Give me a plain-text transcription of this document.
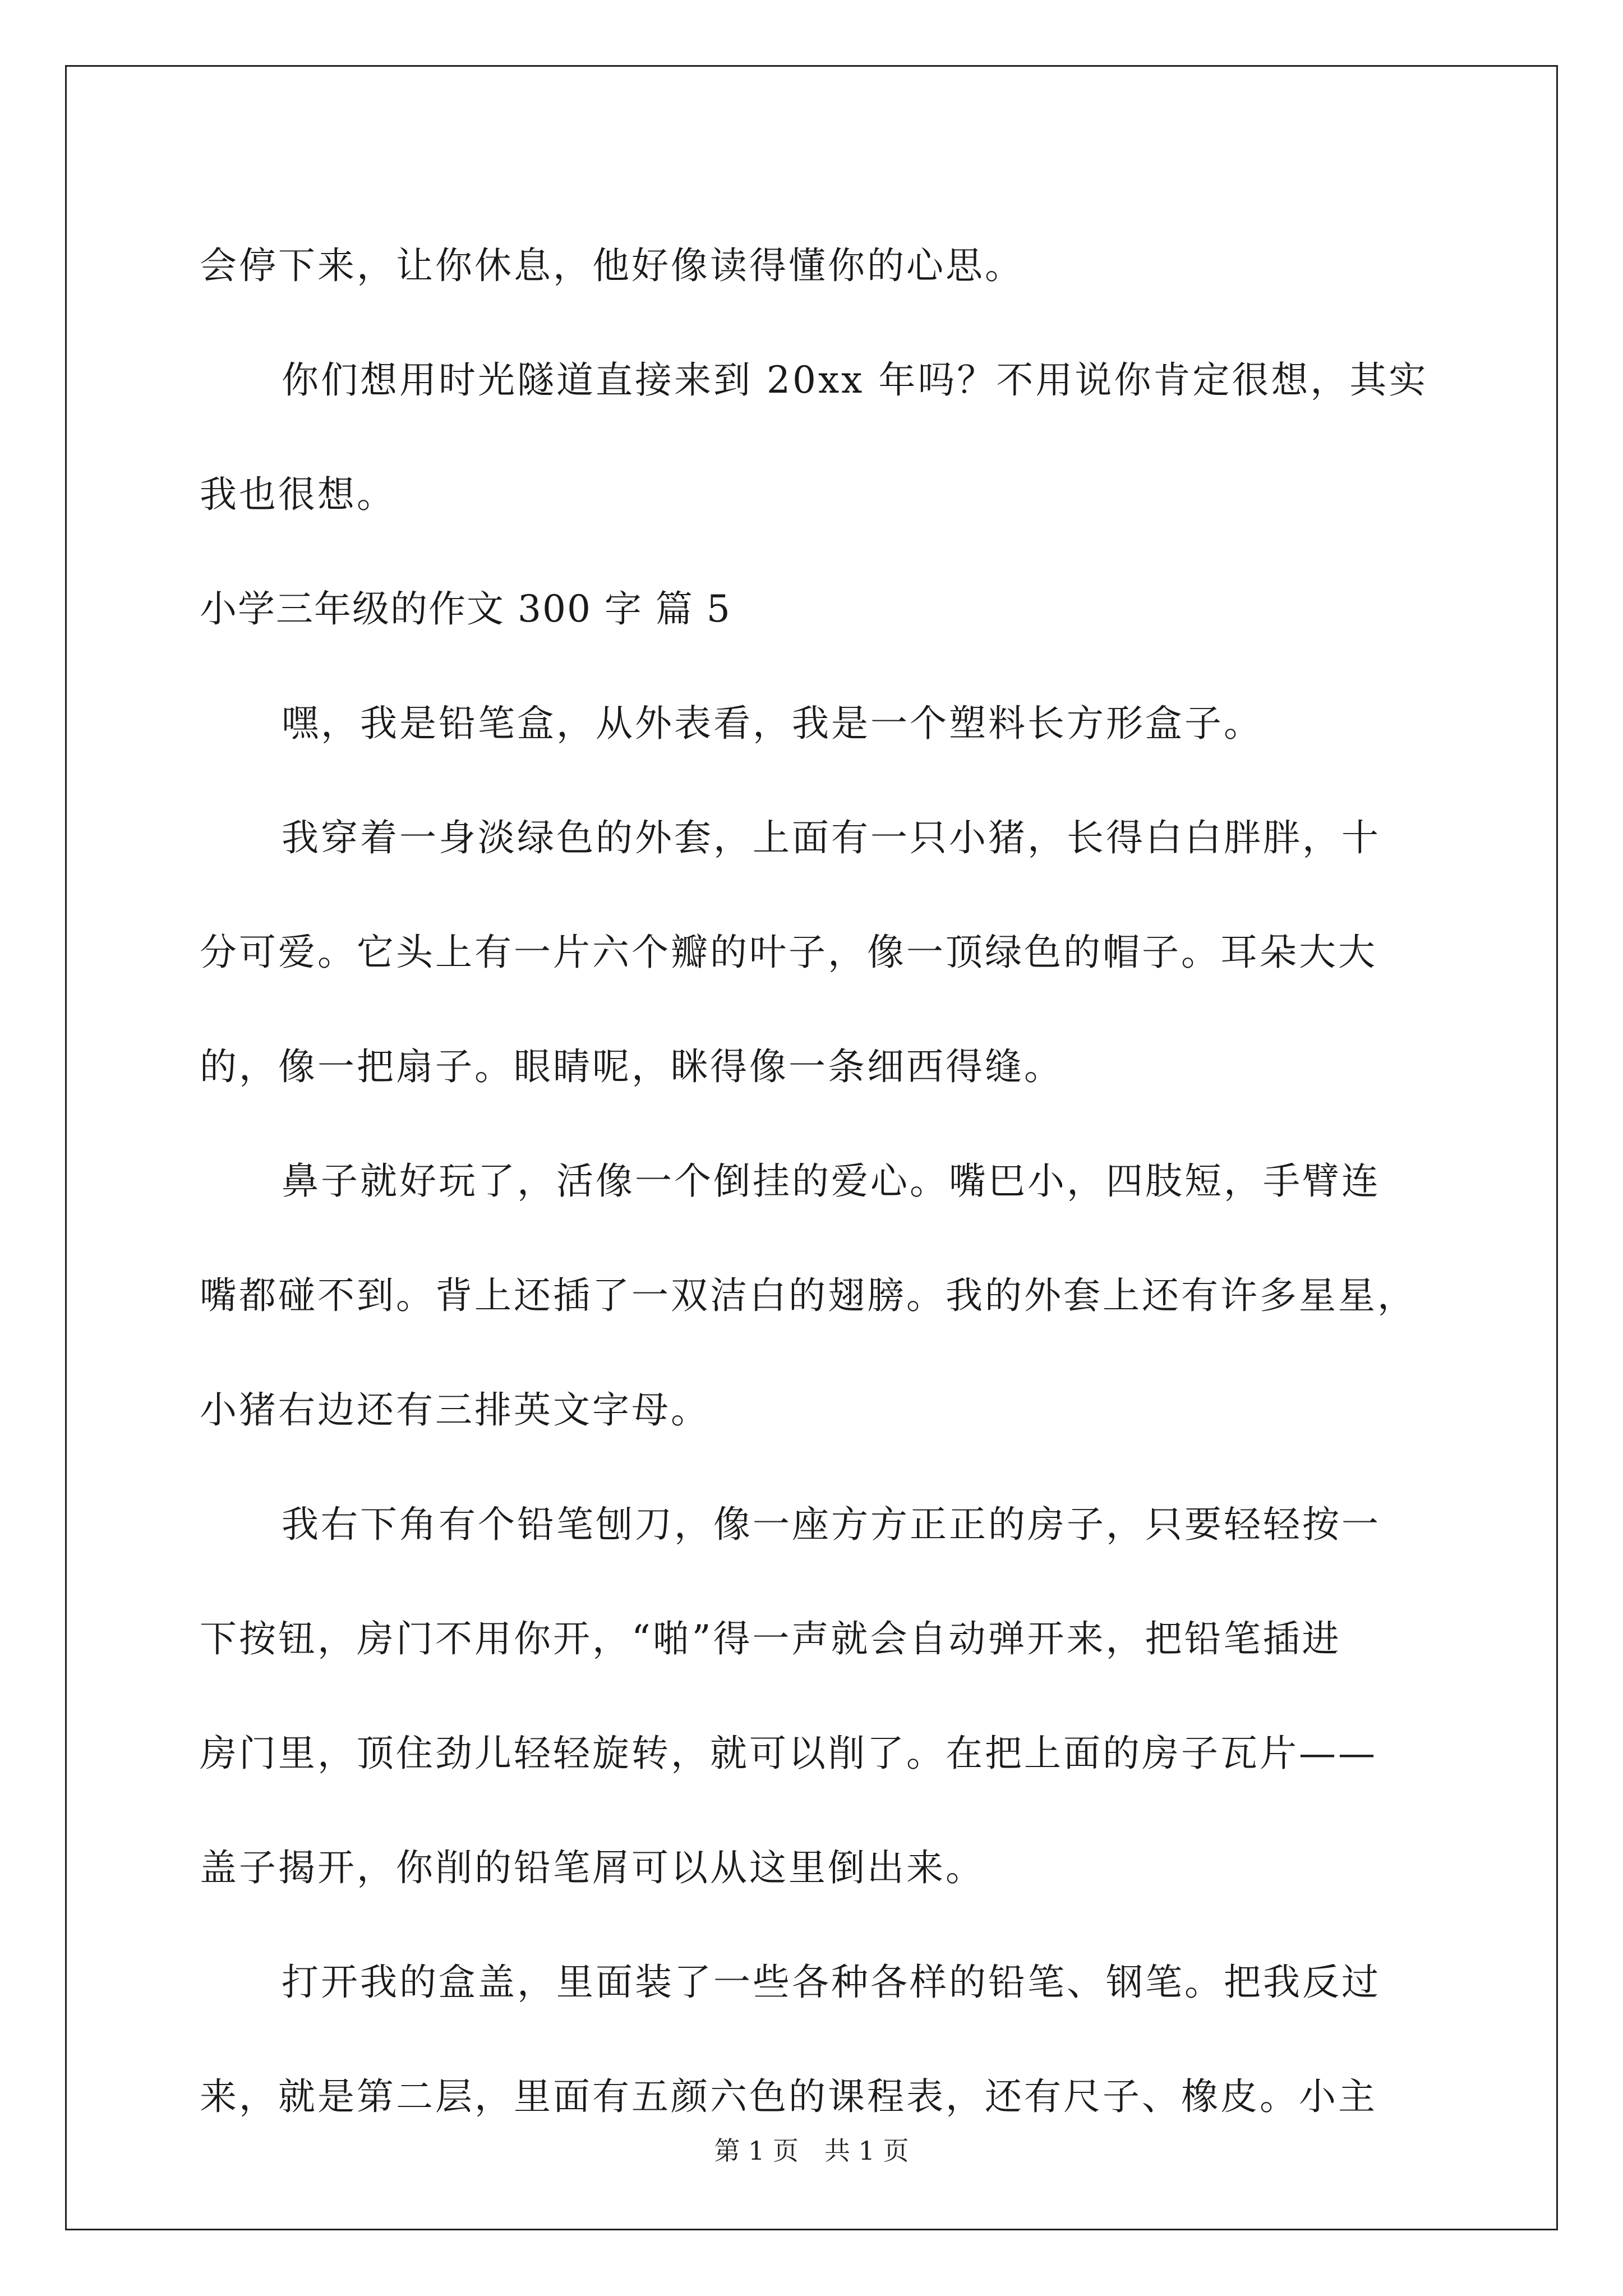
会停下来，让你休息，他好像读得懂你的心思。
你们想用时光隧道直接来到 20xx 年吗？不用说你肯定很想，其实
我也很想。
小学三年级的作文 300 字 篇 5
嘿，我是铅笔盒，从外表看，我是一个塑料长方形盒子。
我穿着一身淡绿色的外套，上面有一只小猪，长得白白胖胖，十
分可爱。它头上有一片六个瓣的叶子，像一顶绿色的帽子。耳朵大大
的，像一把扇子。眼睛呢，眯得像一条细西得缝。
鼻子就好玩了，活像一个倒挂的爱心。嘴巴小，四肢短，手臂连
嘴都碰不到。背上还插了一双洁白的翅膀。我的外套上还有许多星星，
小猪右边还有三排英文字母。
我右下角有个铅笔刨刀，像一座方方正正的房子，只要轻轻按一
下按钮，房门不用你开，“啪”得一声就会自动弹开来，把铅笔插进
房门里，顶住劲儿轻轻旋转，就可以削了。在把上面的房子瓦片——
盖子揭开，你削的铅笔屑可以从这里倒出来。
打开我的盒盖，里面装了一些各种各样的铅笔、钢笔。把我反过
来，就是第二层，里面有五颜六色的课程表，还有尺子、橡皮。小主
第 1 页　共 1 页
